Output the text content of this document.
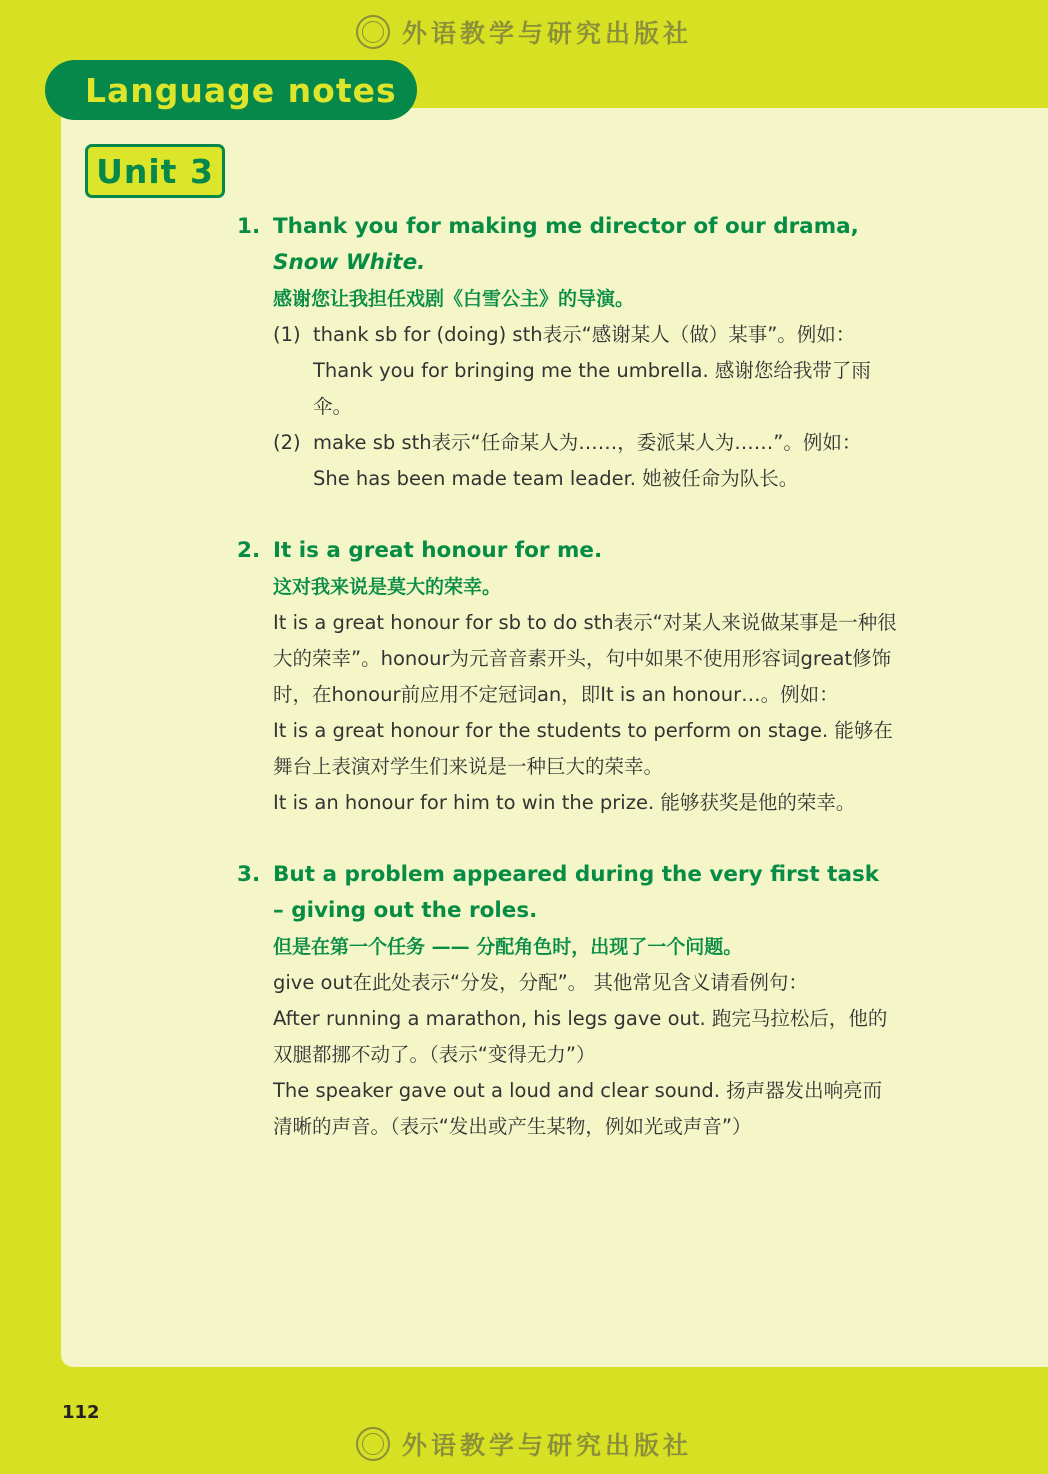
外语教学与研究出版社
Language notes
Unit 3
1. Thank you for making me director of our drama, Snow White.
感谢您让我担任戏剧《白雪公主》的导演。
(1) thank sb for (doing) sth表示“感谢某人（做）某事”。例如：
Thank you for bringing me the umbrella. 感谢您给我带了雨伞。
(2) make sb sth表示“任命某人为……，委派某人为……”。例如：
She has been made team leader. 她被任命为队长。
2. It is a great honour for me.
这对我来说是莫大的荣幸。
It is a great honour for sb to do sth表示“对某人来说做某事是一种很大的荣幸”。honour为元音音素开头，句中如果不使用形容词great修饰时，在honour前应用不定冠词an，即It is an honour…。例如：
It is a great honour for the students to perform on stage. 能够在舞台上表演对学生们来说是一种巨大的荣幸。
It is an honour for him to win the prize. 能够获奖是他的荣幸。
3. But a problem appeared during the very first task – giving out the roles.
但是在第一个任务 —— 分配角色时，出现了一个问题。
give out在此处表示“分发，分配”。 其他常见含义请看例句：
After running a marathon, his legs gave out. 跑完马拉松后，他的双腿都挪不动了。（表示“变得无力”）
The speaker gave out a loud and clear sound. 扬声器发出响亮而清晰的声音。（表示“发出或产生某物，例如光或声音”）
112
外语教学与研究出版社
